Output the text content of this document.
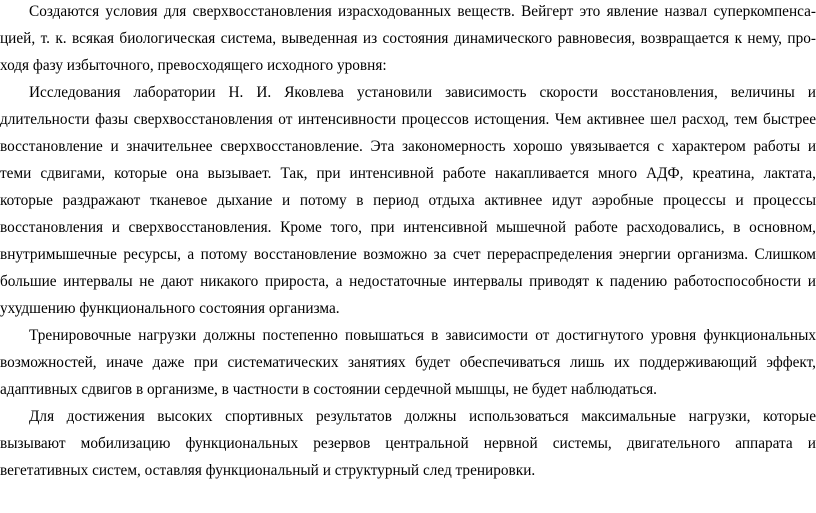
Создаются условия для сверхвосстановления израсходованных веществ. Вейгерт это явление назвал суперкомпенса-
цией, т. к. всякая биологическая система, выведенная из состояния динамического равновесия, возвращается к нему, про-
ходя фазу избыточного, превосходящего исходного уровня:
Исследования лаборатории Н. И. Яковлева установили зависимость скорости восстановления, величины и
длительности фазы сверхвосстановления от интенсивности процессов истощения. Чем активнее шел расход, тем быстрее
восстановление и значительнее сверхвосстановление. Эта закономерность хорошо увязывается с характером работы и
теми сдвигами, которые она вызывает. Так, при интенсивной работе накапливается много АДФ, креатина, лактата,
которые раздражают тканевое дыхание и потому в период отдыха активнее идут аэробные процессы и процессы
восстановления и сверхвосстановления. Кроме того, при интенсивной мышечной работе расходовались, в основном,
внутримышечные ресурсы, а потому восстановление возможно за счет перераспределения энергии организма. Слишком
большие интервалы не дают никакого прироста, а недостаточные интервалы приводят к падению работоспособности и
ухудшению функционального состояния организма.
Тренировочные нагрузки должны постепенно повышаться в зависимости от достигнутого уровня функциональных
возможностей, иначе даже при систематических занятиях будет обеспечиваться лишь их поддерживающий эффект,
адаптивных сдвигов в организме, в частности в состоянии сердечной мышцы, не будет наблюдаться.
Для достижения высоких спортивных результатов должны использоваться максимальные нагрузки, которые
вызывают мобилизацию функциональных резервов центральной нервной системы, двигательного аппарата и
вегетативных систем, оставляя функциональный и структурный след тренировки.
